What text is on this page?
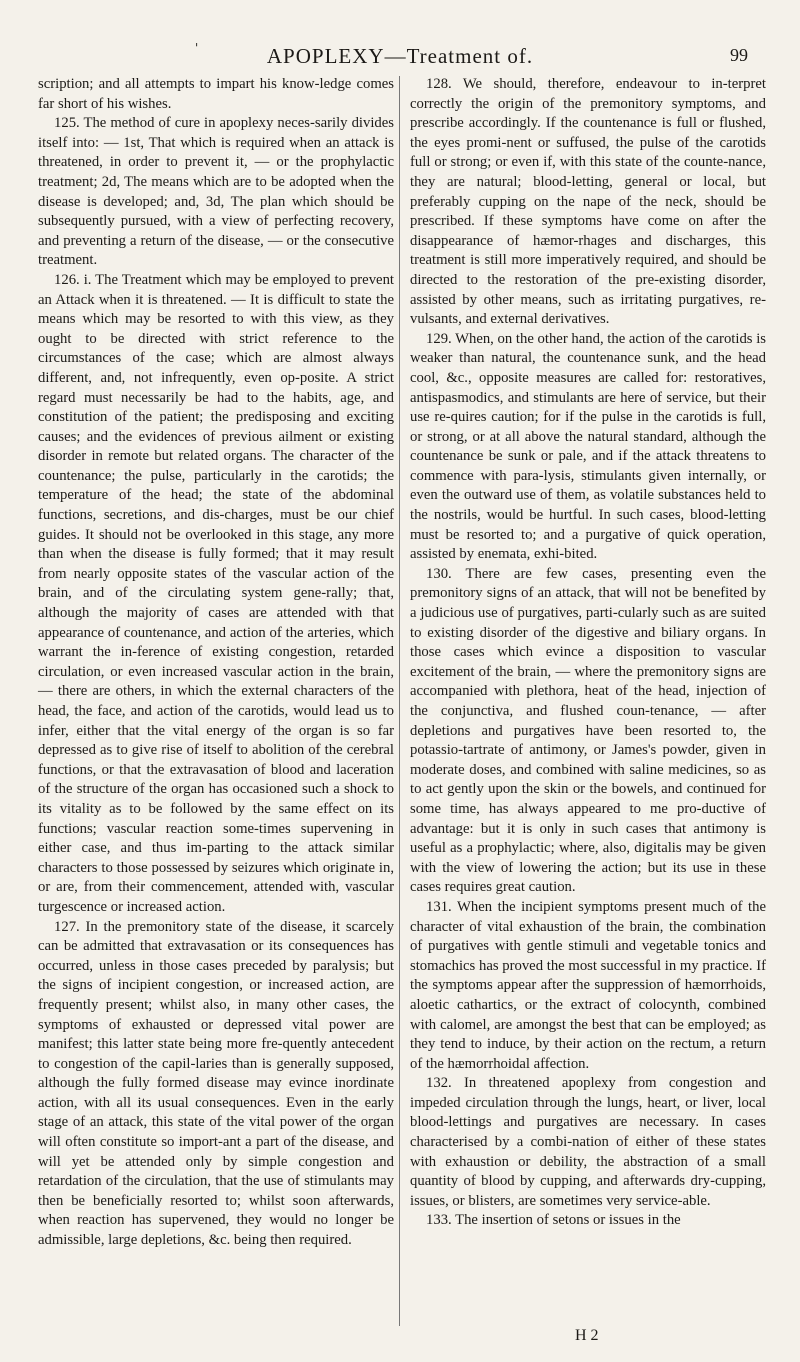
'	APOPLEXY—Treatment of.	99

scription; and all attempts to impart his know-ledge comes far short of his wishes.

125. The method of cure in apoplexy neces-sarily divides itself into: — 1st, That which is required when an attack is threatened, in order to prevent it, — or the prophylactic treatment; 2d, The means which are to be adopted when the disease is developed; and, 3d, The plan which should be subsequently pursued, with a view of perfecting recovery, and preventing a return of the disease, — or the consecutive treatment.

126. i. The Treatment which may be employed to prevent an Attack when it is threatened. — It is difficult to state the means which may be resorted to with this view, as they ought to be directed with strict reference to the circumstances of the case; which are almost always different, and, not infrequently, even op-posite. A strict regard must necessarily be had to the habits, age, and constitution of the patient; the predisposing and exciting causes; and the evidences of previous ailment or existing disorder in remote but related organs. The character of the countenance; the pulse, particularly in the carotids; the temperature of the head; the state of the abdominal functions, secretions, and dis-charges, must be our chief guides. It should not be overlooked in this stage, any more than when the disease is fully formed; that it may result from nearly opposite states of the vascular action of the brain, and of the circulating system gene-rally; that, although the majority of cases are attended with that appearance of countenance, and action of the arteries, which warrant the in-ference of existing congestion, retarded circulation, or even increased vascular action in the brain, — there are others, in which the external characters of the head, the face, and action of the carotids, would lead us to infer, either that the vital energy of the organ is so far depressed as to give rise of itself to abolition of the cerebral functions, or that the extravasation of blood and laceration of the structure of the organ has occasioned such a shock to its vitality as to be followed by the same effect on its functions; vascular reaction some-times supervening in either case, and thus im-parting to the attack similar characters to those possessed by seizures which originate in, or are, from their commencement, attended with, vascular turgescence or increased action.

127. In the premonitory state of the disease, it scarcely can be admitted that extravasation or its consequences has occurred, unless in those cases preceded by paralysis; but the signs of incipient congestion, or increased action, are frequently present; whilst also, in many other cases, the symptoms of exhausted or depressed vital power are manifest; this latter state being more fre-quently antecedent to congestion of the capil-laries than is generally supposed, although the fully formed disease may evince inordinate action, with all its usual consequences. Even in the early stage of an attack, this state of the vital power of the organ will often constitute so import-ant a part of the disease, and will yet be attended only by simple congestion and retardation of the circulation, that the use of stimulants may then be beneficially resorted to; whilst soon afterwards, when reaction has supervened, they would no longer be admissible, large depletions, &c. being then required.

128. We should, therefore, endeavour to in-terpret correctly the origin of the premonitory symptoms, and prescribe accordingly. If the countenance is full or flushed, the eyes promi-nent or suffused, the pulse of the carotids full or strong; or even if, with this state of the counte-nance, they are natural; blood-letting, general or local, but preferably cupping on the nape of the neck, should be prescribed. If these symptoms have come on after the disappearance of hæmor-rhages and discharges, this treatment is still more imperatively required, and should be directed to the restoration of the pre-existing disorder, assisted by other means, such as irritating purgatives, re-vulsants, and external derivatives.

129. When, on the other hand, the action of the carotids is weaker than natural, the countenance sunk, and the head cool, &c., opposite measures are called for: restoratives, antispasmodics, and stimulants are here of service, but their use re-quires caution; for if the pulse in the carotids is full, or strong, or at all above the natural standard, although the countenance be sunk or pale, and if the attack threatens to commence with para-lysis, stimulants given internally, or even the outward use of them, as volatile substances held to the nostrils, would be hurtful. In such cases, blood-letting must be resorted to; and a purgative of quick operation, assisted by enemata, exhi-bited.

130. There are few cases, presenting even the premonitory signs of an attack, that will not be benefited by a judicious use of purgatives, parti-cularly such as are suited to existing disorder of the digestive and biliary organs. In those cases which evince a disposition to vascular excitement of the brain, — where the premonitory signs are accompanied with plethora, heat of the head, injection of the conjunctiva, and flushed coun-tenance, — after depletions and purgatives have been resorted to, the potassio-tartrate of antimony, or James's powder, given in moderate doses, and combined with saline medicines, so as to act gently upon the skin or the bowels, and continued for some time, has always appeared to me pro-ductive of advantage: but it is only in such cases that antimony is useful as a prophylactic; where, also, digitalis may be given with the view of lowering the action; but its use in these cases requires great caution.

131. When the incipient symptoms present much of the character of vital exhaustion of the brain, the combination of purgatives with gentle stimuli and vegetable tonics and stomachics has proved the most successful in my practice. If the symptoms appear after the suppression of hæmorrhoids, aloetic cathartics, or the extract of colocynth, combined with calomel, are amongst the best that can be employed; as they tend to induce, by their action on the rectum, a return of the hæmorrhoidal affection.

132. In threatened apoplexy from congestion and impeded circulation through the lungs, heart, or liver, local blood-lettings and purgatives are necessary. In cases characterised by a combi-nation of either of these states with exhaustion or debility, the abstraction of a small quantity of blood by cupping, and afterwards dry-cupping, issues, or blisters, are sometimes very service-able.

133. The insertion of setons or issues in the

H 2
